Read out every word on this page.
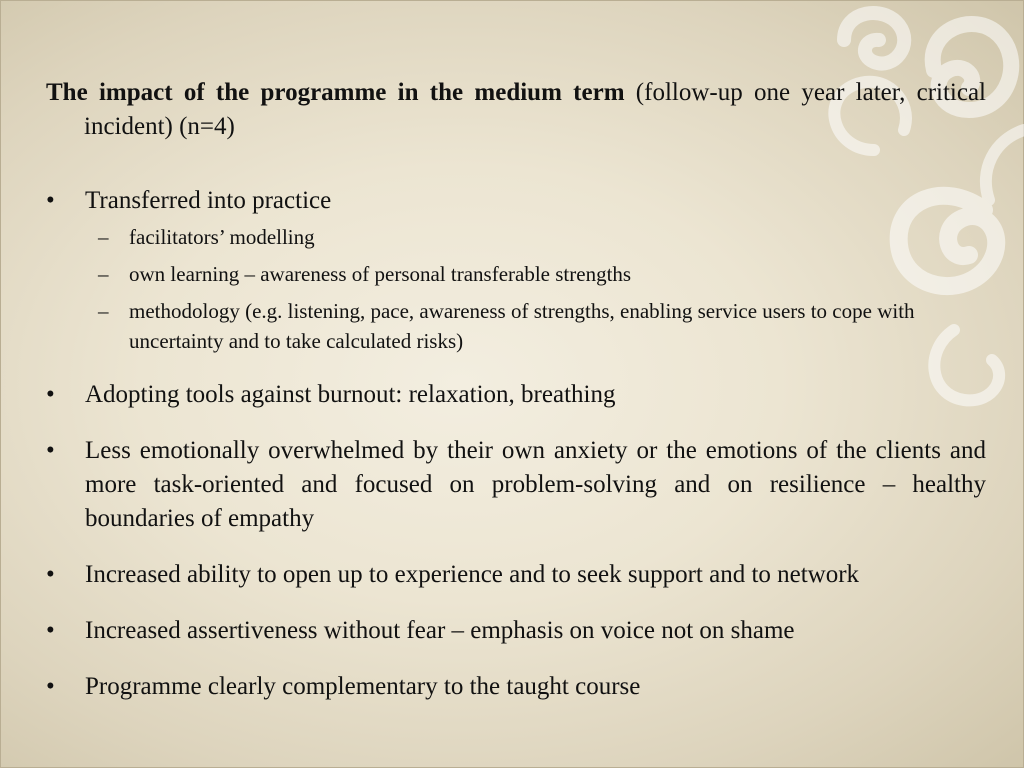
The impact of the programme in the medium term (follow-up one year later, critical incident) (n=4)

•	Transferred into practice
– facilitators’ modelling
– own learning – awareness of personal transferable strengths
– methodology (e.g. listening, pace, awareness of strengths, enabling service users to cope with uncertainty and to take calculated risks)
•	Adopting tools against burnout: relaxation, breathing
•	Less emotionally overwhelmed by their own anxiety or the emotions of the clients and more task-oriented and focused on problem-solving and on resilience – healthy boundaries of empathy
•	Increased ability to open up to experience and to seek support and to network
•	Increased assertiveness without fear – emphasis on voice not on shame
•	Programme clearly complementary to the taught course
